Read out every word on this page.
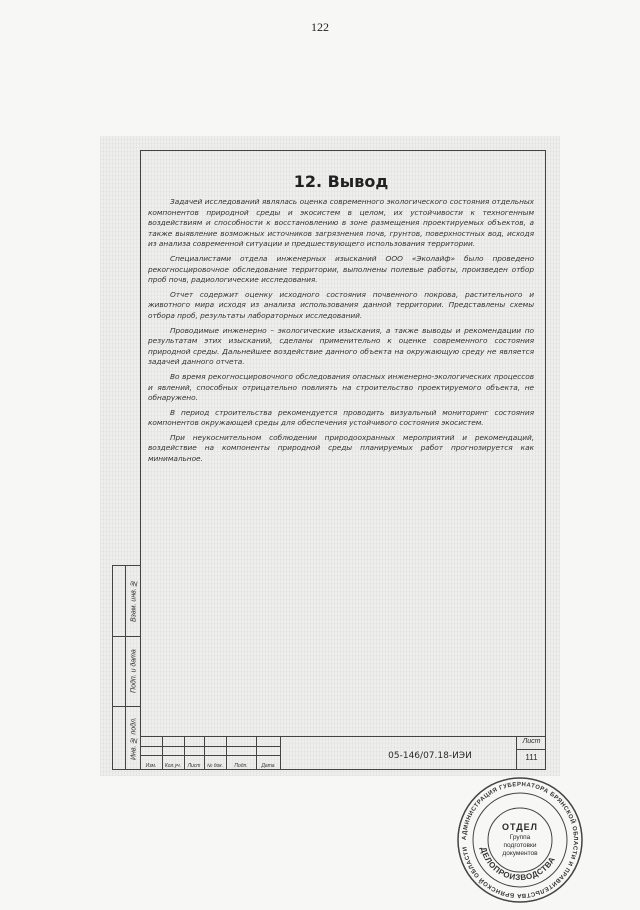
122
12. Вывод

Задачей исследований являлась оценка современного экологического состояния отдельных компонентов природной среды и экосистем в целом, их устойчивости к техногенным воздействиям и способности к восстановлению в зоне размещения проектируемых объектов, а также выявление возможных источников загрязнения почв, грунтов, поверхностных вод, исходя из анализа современной ситуации и предшествующего использования территории.

Специалистами отдела инженерных изысканий ООО «Эколайф» было проведено рекогносцировочное обследование территории, выполнены полевые работы, произведен отбор проб почв, радиологические исследования.

Отчет содержит оценку исходного состояния почвенного покрова, растительного и животного мира исходя из анализа использования данной территории. Представлены схемы отбора проб, результаты лабораторных исследований.

Проводимые инженерно – экологические изыскания, а также выводы и рекомендации по результатам этих изысканий, сделаны применительно к оценке современного состояния природной среды. Дальнейшее воздействие данного объекта на окружающую среду не является задачей данного отчета.

Во время рекогносцировочного обследования опасных инженерно-экологических процессов и явлений, способных отрицательно повлиять на строительство проектируемого объекта, не обнаружено.

В период строительства рекомендуется проводить визуальный мониторинг состояния компонентов окружающей среды для обеспечения устойчивого состояния экосистем.

При неукоснительном соблюдении природоохранных мероприятий и рекомендаций, воздействие на компоненты природной среды планируемых работ прогнозируется как минимальное.

Взам. инв. №
Подп. и дата
Инв. № подл.
Изм.	Кол.уч.	Лист	№ док.	Подп.	Дата
05-146/07.18-ИЭИ
Лист
111
АДМИНИСТРАЦИЯ ГУБЕРНАТОРА БРЯНСКОЙ ОБЛАСТИ И ПРАВИТЕЛЬСТВА БРЯНСКОЙ ОБЛАСТИ	ДЕЛОПРОИЗВОДСТВА
ОТДЕЛ
Группа
подготовки
документов
